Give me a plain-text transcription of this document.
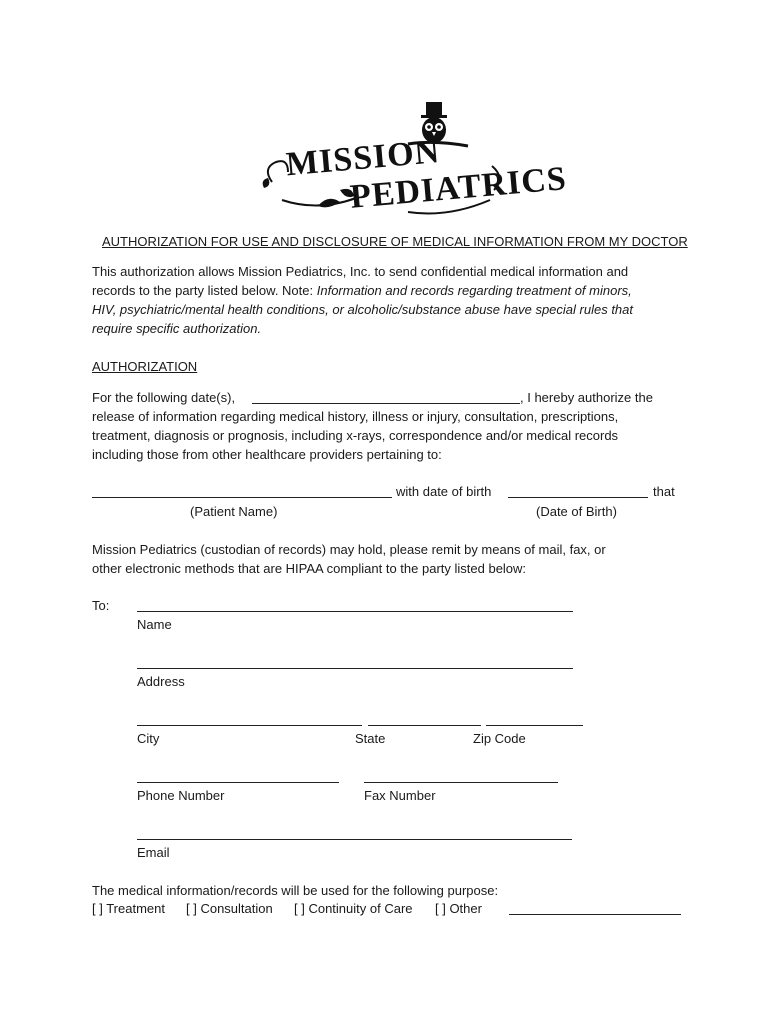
MISSION
PEDIATRICS
AUTHORIZATION FOR USE AND DISCLOSURE OF MEDICAL INFORMATION FROM MY DOCTOR
This authorization allows Mission Pediatrics, Inc. to send confidential medical information and
records to the party listed below. Note: Information and records regarding treatment of minors,
HIV, psychiatric/mental health conditions, or alcoholic/substance abuse have special rules that
require specific authorization.
AUTHORIZATION
For the following date(s),	, I hereby authorize the
release of information regarding medical history, illness or injury, consultation, prescriptions,
treatment, diagnosis or prognosis, including x-rays, correspondence and/or medical records
including those from other healthcare providers pertaining to:
with date of birth	that
(Patient Name)	(Date of Birth)
Mission Pediatrics (custodian of records) may hold, please remit by means of mail, fax, or
other electronic methods that are HIPAA compliant to the party listed below:
To:
Name
Address
City	State	Zip Code
Phone Number	Fax Number
Email
The medical information/records will be used for the following purpose:
[ ] Treatment [ ] Consultation [ ] Continuity of Care [ ] Other
